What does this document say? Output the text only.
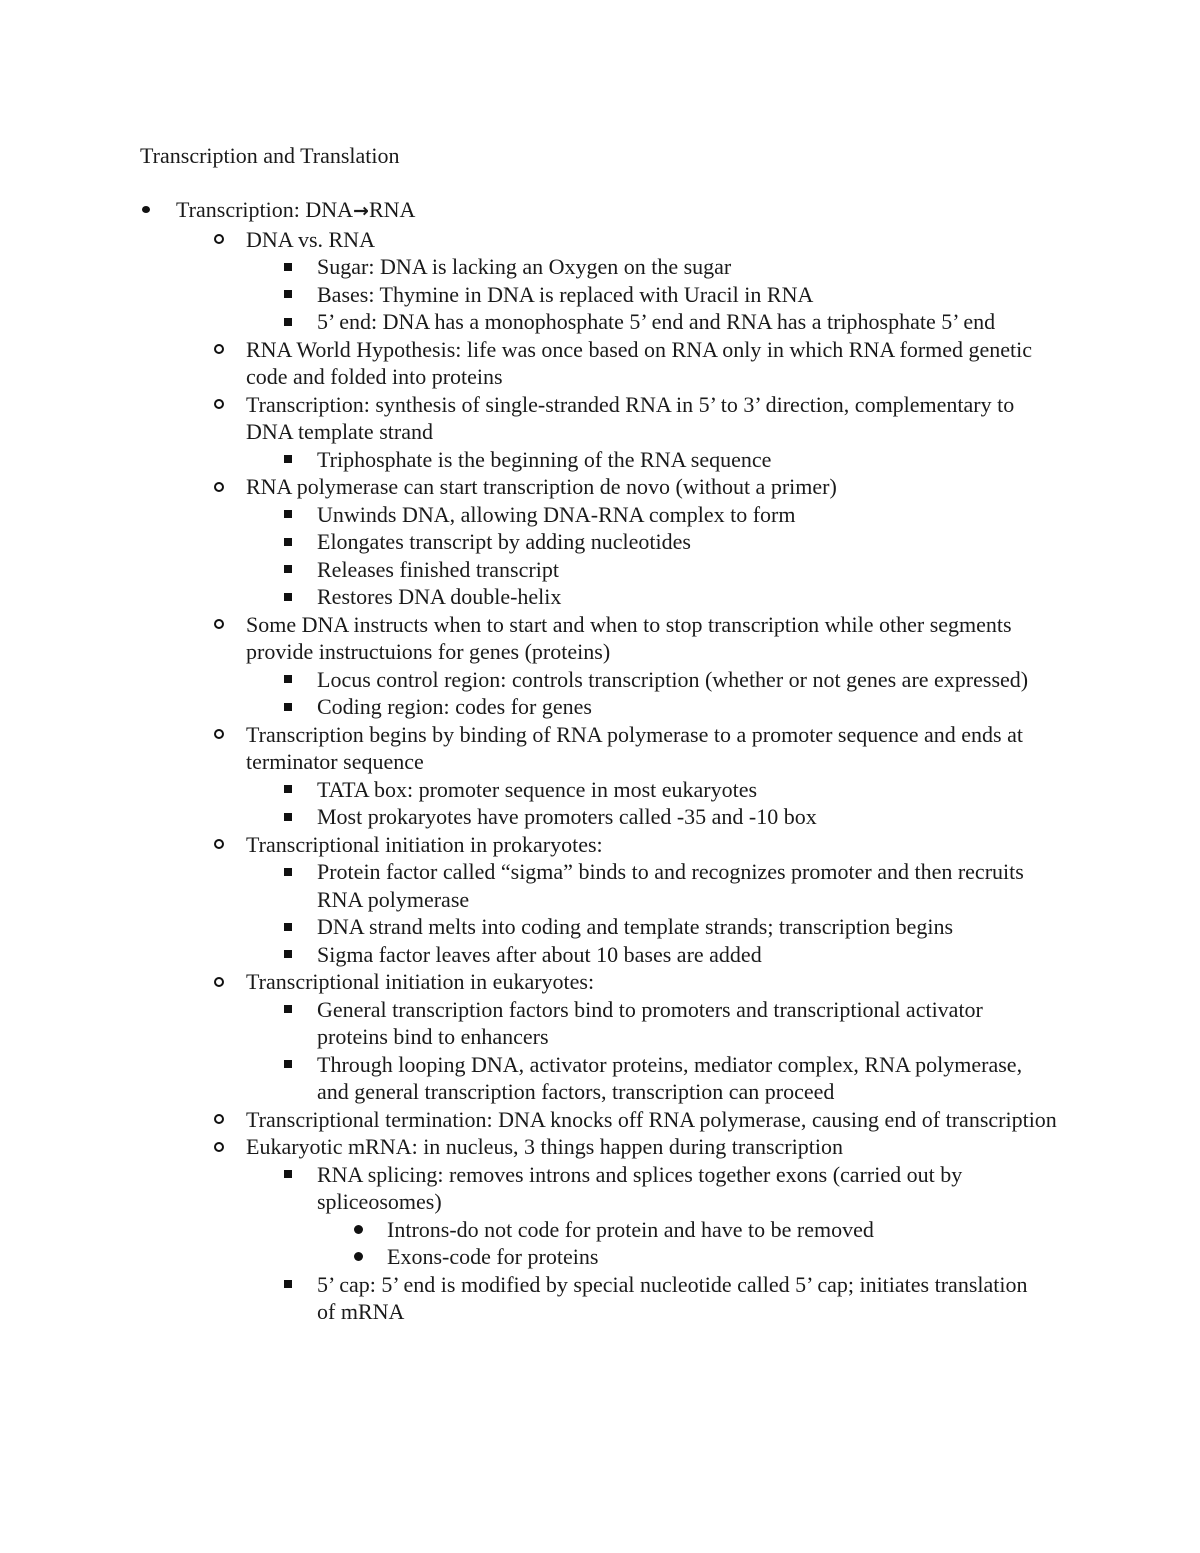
Transcription and Translation
Transcription: DNA→RNA
DNA vs. RNA
Sugar: DNA is lacking an Oxygen on the sugar
Bases: Thymine in DNA is replaced with Uracil in RNA
5’ end: DNA has a monophosphate 5’ end and RNA has a triphosphate 5’ end
RNA World Hypothesis: life was once based on RNA only in which RNA formed genetic code and folded into proteins
Transcription: synthesis of single-stranded RNA in 5’ to 3’ direction, complementary to DNA template strand
Triphosphate is the beginning of the RNA sequence
RNA polymerase can start transcription de novo (without a primer)
Unwinds DNA, allowing DNA-RNA complex to form
Elongates transcript by adding nucleotides
Releases finished transcript
Restores DNA double-helix
Some DNA instructs when to start and when to stop transcription while other segments provide instructuions for genes (proteins)
Locus control region: controls transcription (whether or not genes are expressed)
Coding region: codes for genes
Transcription begins by binding of RNA polymerase to a promoter sequence and ends at terminator sequence
TATA box: promoter sequence in most eukaryotes
Most prokaryotes have promoters called -35 and -10 box
Transcriptional initiation in prokaryotes:
Protein factor called “sigma” binds to and recognizes promoter and then recruits RNA polymerase
DNA strand melts into coding and template strands; transcription begins
Sigma factor leaves after about 10 bases are added
Transcriptional initiation in eukaryotes:
General transcription factors bind to promoters and transcriptional activator proteins bind to enhancers
Through looping DNA, activator proteins, mediator complex, RNA polymerase, and general transcription factors, transcription can proceed
Transcriptional termination: DNA knocks off RNA polymerase, causing end of transcription
Eukaryotic mRNA: in nucleus, 3 things happen during transcription
RNA splicing: removes introns and splices together exons (carried out by spliceosomes)
Introns-do not code for protein and have to be removed
Exons-code for proteins
5’ cap: 5’ end is modified by special nucleotide called 5’ cap; initiates translation of mRNA
